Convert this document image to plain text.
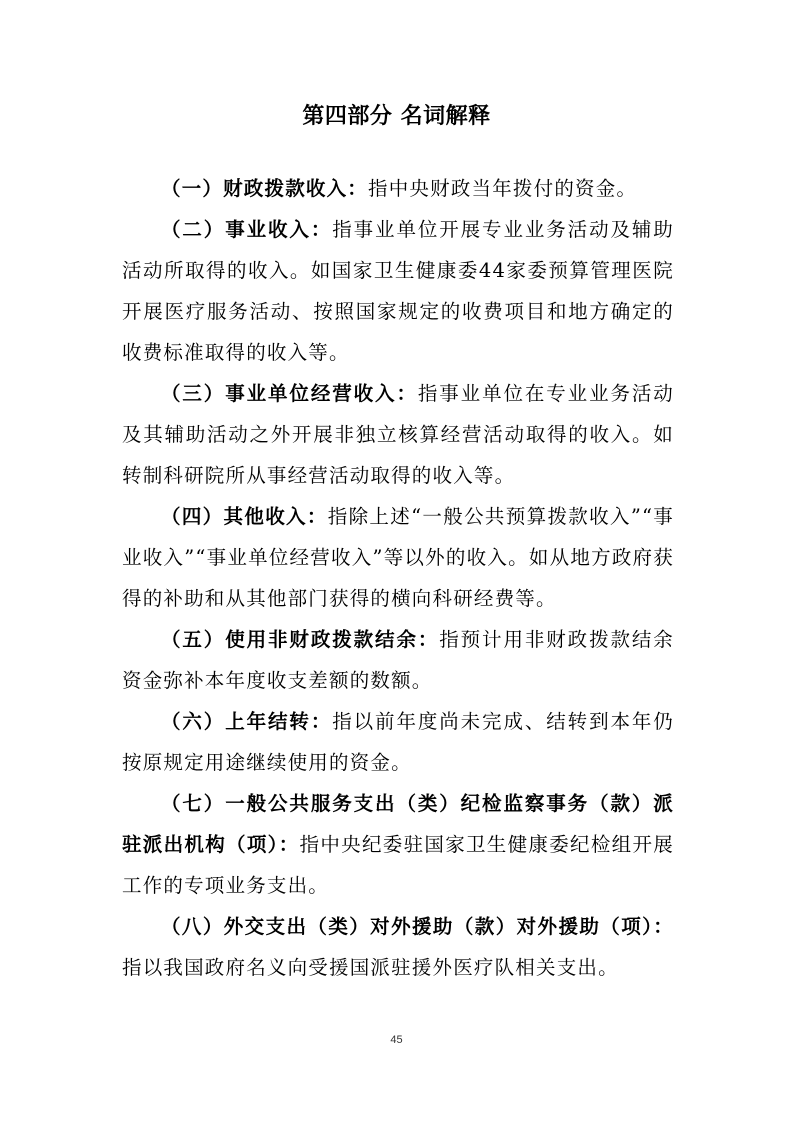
第四部分 名词解释

（一）财政拨款收入：指中央财政当年拨付的资金。

（二）事业收入：指事业单位开展专业业务活动及辅助活动所取得的收入。如国家卫生健康委44家委预算管理医院开展医疗服务活动、按照国家规定的收费项目和地方确定的收费标准取得的收入等。

（三）事业单位经营收入：指事业单位在专业业务活动及其辅助活动之外开展非独立核算经营活动取得的收入。如转制科研院所从事经营活动取得的收入等。

（四）其他收入：指除上述“一般公共预算拨款收入”“事业收入”“事业单位经营收入”等以外的收入。如从地方政府获得的补助和从其他部门获得的横向科研经费等。

（五）使用非财政拨款结余：指预计用非财政拨款结余资金弥补本年度收支差额的数额。

（六）上年结转：指以前年度尚未完成、结转到本年仍按原规定用途继续使用的资金。

（七）一般公共服务支出（类）纪检监察事务（款）派驻派出机构（项）：指中央纪委驻国家卫生健康委纪检组开展工作的专项业务支出。

（八）外交支出（类）对外援助（款）对外援助（项）：指以我国政府名义向受援国派驻援外医疗队相关支出。

45
